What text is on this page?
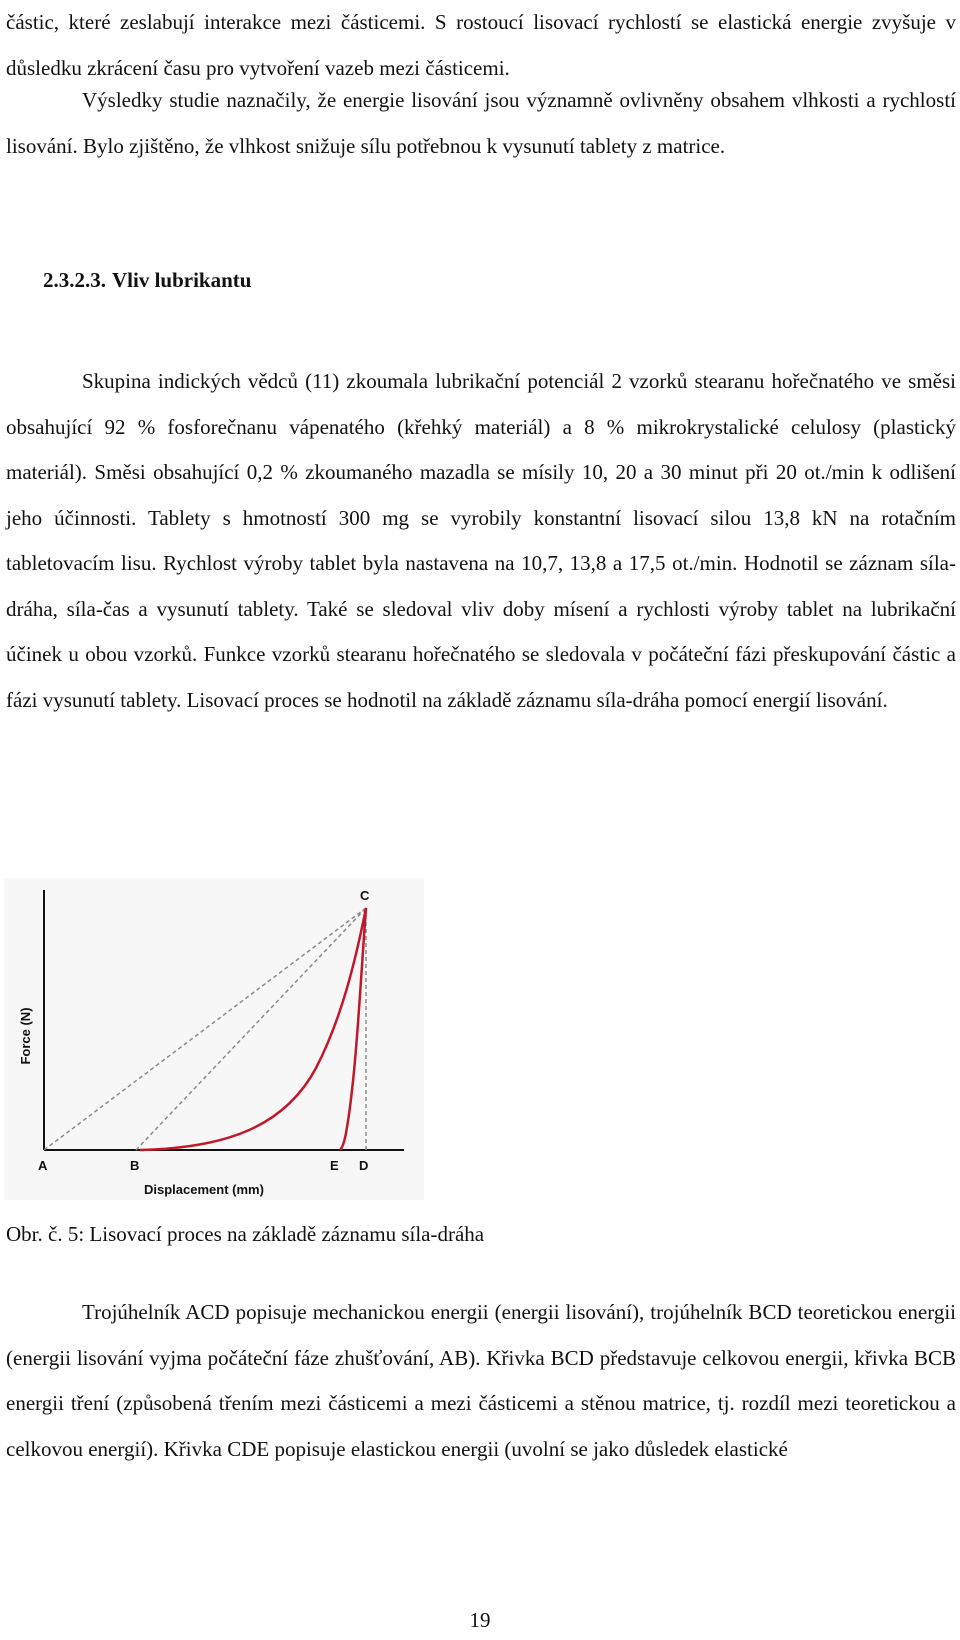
částic, které zeslabují interakce mezi částicemi. S rostoucí lisovací rychlostí se elastická energie zvyšuje v důsledku zkrácení času pro vytvoření vazeb mezi částicemi.

Výsledky studie naznačily, že energie lisování jsou významně ovlivněny obsahem vlhkosti a rychlostí lisování. Bylo zjištěno, že vlhkost snižuje sílu potřebnou k vysunutí tablety z matrice.

2.3.2.3. Vliv lubrikantu

Skupina indických vědců (11) zkoumala lubrikační potenciál 2 vzorků stearanu hořečnatého ve směsi obsahující 92 % fosforečnanu vápenatého (křehký materiál) a 8 % mikrokrystalické celulosy (plastický materiál). Směsi obsahující 0,2 % zkoumaného mazadla se mísily 10, 20 a 30 minut při 20 ot./min k odlišení jeho účinnosti. Tablety s hmotností 300 mg se vyrobily konstantní lisovací silou 13,8 kN na rotačním tabletovacím lisu. Rychlost výroby tablet byla nastavena na 10,7, 13,8 a 17,5 ot./min. Hodnotil se záznam síla-dráha, síla-čas a vysunutí tablety. Také se sledoval vliv doby mísení a rychlosti výroby tablet na lubrikační účinek u obou vzorků. Funkce vzorků stearanu hořečnatého se sledovala v počáteční fázi přeskupování částic a fázi vysunutí tablety. Lisovací proces se hodnotil na základě záznamu síla-dráha pomocí energií lisování.

C
A	B	E D
Displacement (mm)
Force (N)

Obr. č. 5: Lisovací proces na základě záznamu síla-dráha

Trojúhelník ACD popisuje mechanickou energii (energii lisování), trojúhelník BCD teoretickou energii (energii lisování vyjma počáteční fáze zhušťování, AB). Křivka BCD představuje celkovou energii, křivka BCB energii tření (způsobená třením mezi částicemi a mezi částicemi a stěnou matrice, tj. rozdíl mezi teoretickou a celkovou energií). Křivka CDE popisuje elastickou energii (uvolní se jako důsledek elastické

19
